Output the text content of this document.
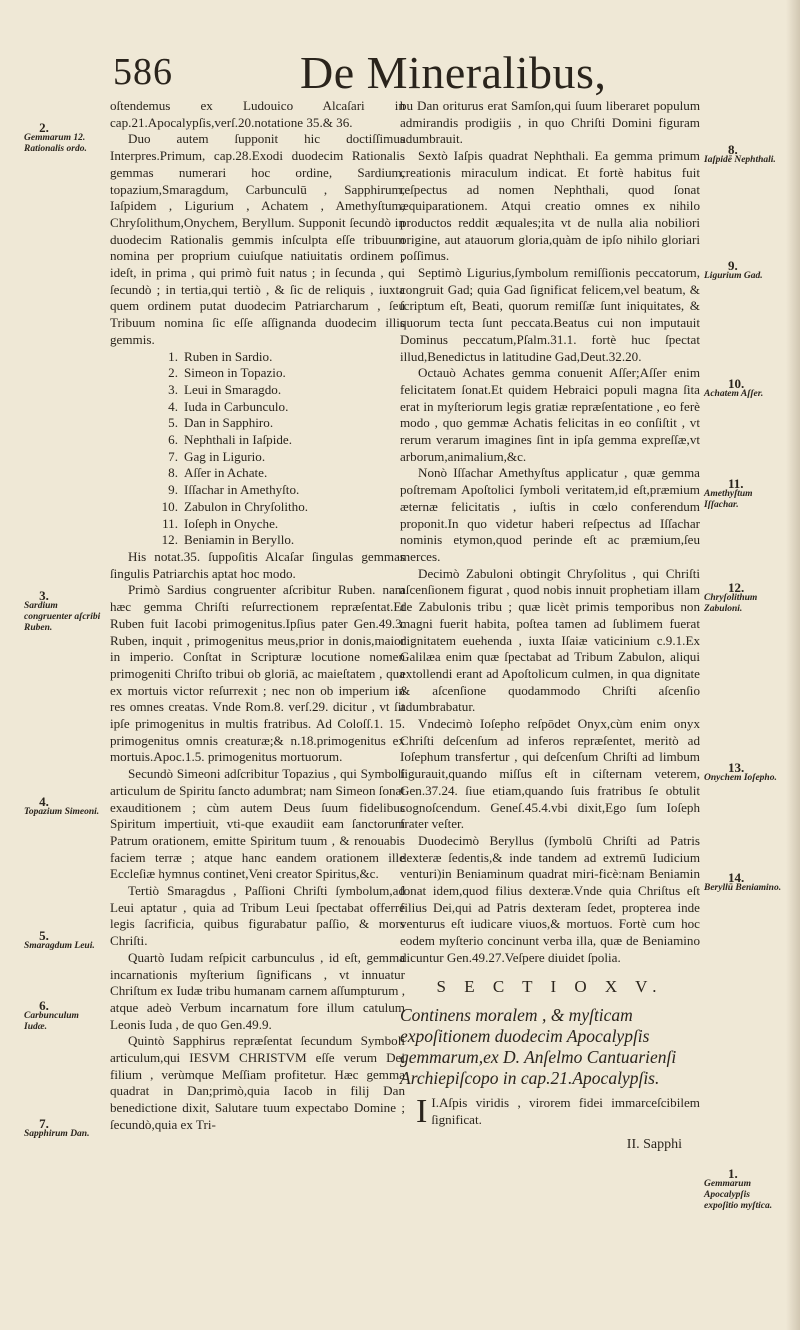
586	De Mineralibus,
2.
Gemmarum 12. Rationalis ordo.
3.
Sardium congruenter aſcribi Ruben.
4.
Topazium Simeoni.
5.
Smaragdum Leui.
6.
Carbunculum Iudæ.
7.
Sapphirum Dan.
8.
Iaſpidē Nephthali.
9.
Ligurium Gad.
10.
Achatem Aſſer.
11.
Amethyſtum Iſſachar.
12.
Chryſolithum Zabuloni.
13.
Onychem Ioſepho.
14.
Beryllū Beniamino.
1.
Gemmarum Apocalypſis expoſitio myſtica.

oſtendemus ex Ludouico Alcaſari in cap.21.Apocalypſis,verſ.20.notatione 35.& 36.

Duo autem ſupponit hic doctiſſimus Interpres.Primum, cap.28.Exodi duodecim Rationalis gemmas numerari hoc ordine, Sardium, topazium,Smaragdum, Carbunculū , Sapphirum, Iaſpidem , Ligurium , Achatem , Amethyſtum, Chryſolithum,Onychem, Beryllum. Supponit ſecundò in duodecim Rationalis gemmis inſculpta eſſe tribuum nomina per proprium cuiuſque natiuitatis ordinem ; ideſt, in prima , qui primò fuit natus ; in ſecunda , qui ſecundò ; in tertia,qui tertiò , & ſic de reliquis , iuxta quem ordinem putat duodecim Patriarcharum , ſeu Tribuum nomina ſic eſſe aſſignanda duodecim illis gemmis.

1. Ruben in Sardio.
2. Simeon in Topazio.
3. Leui in Smaragdo.
4. Iuda in Carbunculo.
5. Dan in Sapphiro.
6. Nephthali in Iaſpide.
7. Gag in Ligurio.
8. Aſſer in Achate.
9. Iſſachar in Amethyſto.
10. Zabulon in Chryſolitho.
11. Ioſeph in Onyche.
12. Beniamin in Beryllo.

His notat.35. ſuppoſitis Alcaſar ſingulas gemmas ſingulis Patriarchis aptat hoc modo.

Primò Sardius congruenter aſcribitur Ruben. nam hæc gemma Chriſti reſurrectionem repræſentat.Et Ruben fuit Iacobi primogenitus.Ipſius pater Gen.49.3. Ruben, inquit , primogenitus meus,prior in donis,maior in imperio. Conſtat in Scripturæ locutione nomen primogeniti Chriſto tribui ob gloriā, ac maieſtatem , qua ex mortuis victor reſurrexit ; nec non ob imperium in res omnes creatas. Vnde Rom.8. verſ.29. dicitur , vt ſit ipſe primogenitus in multis fratribus. Ad Coloſſ.1. 15. primogenitus omnis creaturæ;& n.18.primogenitus ex mortuis.Apoc.1.5. primogenitus mortuorum.

Secundò Simeoni adſcribitur Topazius , qui Symboli articulum de Spiritu ſancto adumbrat; nam Simeon ſonat exauditionem ; cùm autem Deus ſuum fidelibus Spiritum impertiuit, vti-que exaudiit eam ſanctorum Patrum orationem, emitte Spiritum tuum , & renouabis faciem terræ ; atque hanc eandem orationem ille Eccleſiæ hymnus continet,Veni creator Spiritus,&c.

Tertiò Smaragdus , Paſſioni Chriſti ſymbolum,ad Leui aptatur , quia ad Tribum Leui ſpectabat offerre legis ſacrificia, quibus figurabatur paſſio, & mors Chriſti.

Quartò Iudam reſpicit carbunculus , id eſt, gemma incarnationis myſterium ſignificans , vt innuatur Chriſtum ex Iudæ tribu humanam carnem aſſumpturum , atque adeò Verbum incarnatum fore illum catulum Leonis Iuda , de quo Gen.49.9.

Quintò Sapphirus repræſentat ſecundum Symboli articulum,qui IESVM CHRISTVM eſſe verum Dei filium , verùmque Meſſiam profitetur. Hæc gemma quadrat in Dan;primò,quia Iacob in filij Dan benedictione dixit, Salutare tuum expectabo Domine ; ſecundò,quia ex Tri-

bu Dan oriturus erat Samſon,qui ſuum liberaret populum admirandis prodigiis , in quo Chriſti Domini figuram adumbrauit.

Sextò Iaſpis quadrat Nephthali. Ea gemma primum creationis miraculum indicat. Et fortè habitus fuit reſpectus ad nomen Nephthali, quod ſonat æquiparationem. Atqui creatio omnes ex nihilo productos reddit æquales;ita vt de nulla alia nobiliori origine, aut atauorum gloria,quàm de ipſo nihilo gloriari poſſimus.

Septimò Ligurius,ſymbolum remiſſionis peccatorum, congruit Gad; quia Gad ſignificat felicem,vel beatum, & ſcriptum eſt, Beati, quorum remiſſæ ſunt iniquitates, & quorum tecta ſunt peccata.Beatus cui non imputauit Dominus peccatum,Pſalm.31.1. fortè huc ſpectat illud,Benedictus in latitudine Gad,Deut.32.20.

Octauò Achates gemma conuenit Aſſer;Aſſer enim felicitatem ſonat.Et quidem Hebraici populi magna ſita erat in myſteriorum legis gratiæ repræſentatione , eo ferè modo , quo gemmæ Achatis felicitas in eo conſiſtit , vt rerum verarum imagines ſint in ipſa gemma expreſſæ,vt arborum,animalium,&c.

Nonò Iſſachar Amethyſtus applicatur , quæ gemma poſtremam Apoſtolici ſymboli veritatem,id eſt,præmium æternæ felicitatis , iuſtis in cœlo conferendum proponit.In quo videtur haberi reſpectus ad Iſſachar nominis etymon,quod perinde eſt ac præmium,ſeu merces.

Decimò Zabuloni obtingit Chryſolitus , qui Chriſti aſcenſionem figurat , quod nobis innuit prophetiam illam de Zabulonis tribu ; quæ licèt primis temporibus non magni fuerit habita, poſtea tamen ad ſublimem fuerat dignitatem euehenda , iuxta Iſaiæ vaticinium c.9.1.Ex Galilæa enim quæ ſpectabat ad Tribum Zabulon, aliqui extollendi erant ad Apoſtolicum culmen, in qua dignitate & aſcenſione quodammodo Chriſti aſcenſio adumbrabatur.

Vndecimò Ioſepho reſpōdet Onyx,cùm enim onyx Chriſti deſcenſum ad inferos repræſentet, meritò ad Ioſephum transfertur , qui deſcenſum Chriſti ad limbum figurauit,quando miſſus eſt in ciſternam veterem, Gen.37.24. ſiue etiam,quando ſuis fratribus ſe obtulit cognoſcendum. Geneſ.45.4.vbi dixit,Ego ſum Ioſeph frater veſter.

Duodecimò Beryllus (ſymbolū Chriſti ad Patris dexteræ ſedentis,& inde tandem ad extremū Iudicium venturi)in Beniaminum quadrat miri-ficè:nam Beniamin ſonat idem,quod filius dexteræ.Vnde quia Chriſtus eſt filius Dei,qui ad Patris dexteram ſedet, propterea inde venturus eſt iudicare viuos,& mortuos. Fortè cum hoc eodem myſterio concinunt verba illa, quæ de Beniamino dicuntur Gen.49.27.Veſpere diuidet ſpolia.

S E C T I O X V.
Continens moralem , & myſticam expoſitionem duodecim Apocalypſis gemmarum,ex D. Anſelmo Cantuarienſi Archiepiſcopo in cap.21.Apocalypſis.

I.
I Aſpis viridis , virorem fidei immarceſcibilem ſignificat.

II. Sapphi
